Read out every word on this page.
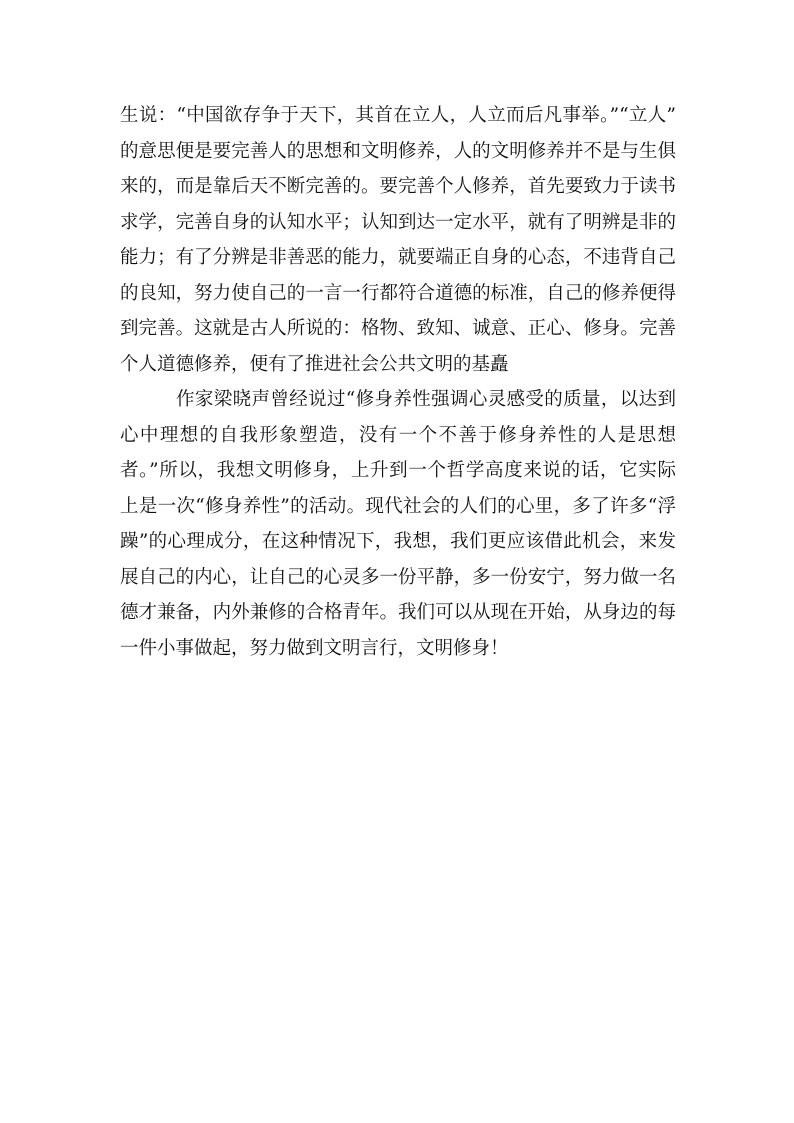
生说：“中国欲存争于天下，其首在立人，人立而后凡事举。”“立人”
的意思便是要完善人的思想和文明修养，人的文明修养并不是与生俱
来的，而是靠后天不断完善的。要完善个人修养，首先要致力于读书
求学，完善自身的认知水平；认知到达一定水平，就有了明辨是非的
能力；有了分辨是非善恶的能力，就要端正自身的心态，不违背自己
的良知，努力使自己的一言一行都符合道德的标准，自己的修养便得
到完善。这就是古人所说的：格物、致知、诚意、正心、修身。完善
个人道德修养，便有了推进社会公共文明的基矗
作家梁晓声曾经说过“修身养性强调心灵感受的质量，以达到
心中理想的自我形象塑造，没有一个不善于修身养性的人是思想
者。”所以，我想文明修身，上升到一个哲学高度来说的话，它实际
上是一次“修身养性”的活动。现代社会的人们的心里，多了许多“浮
躁”的心理成分，在这种情况下，我想，我们更应该借此机会，来发
展自己的内心，让自己的心灵多一份平静，多一份安宁，努力做一名
德才兼备，内外兼修的合格青年。我们可以从现在开始，从身边的每
一件小事做起，努力做到文明言行，文明修身！
